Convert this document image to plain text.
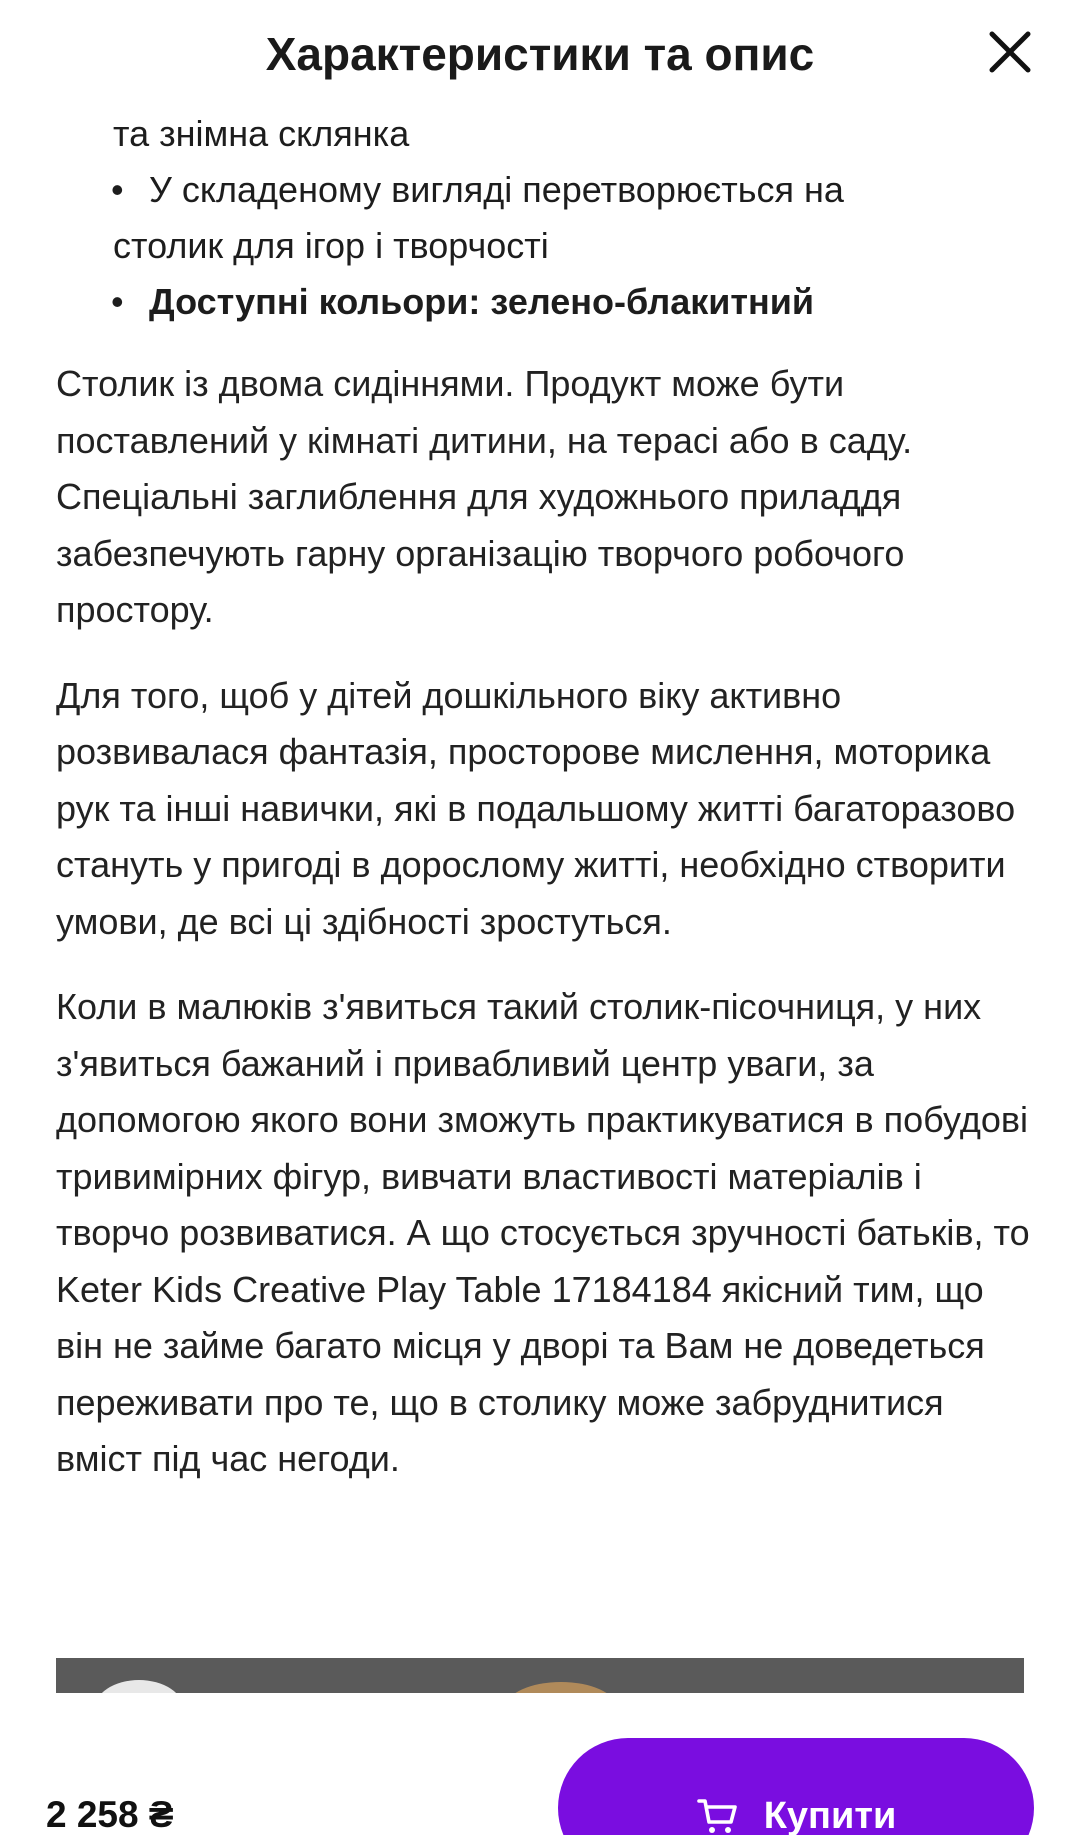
та знімна склянка
• У складеному вигляді перетворюється на
столик для ігор і творчості
• Доступні кольори: зелено-блакитний

Столик із двома сидіннями. Продукт може бути поставлений у кімнаті дитини, на терасі або в саду. Спеціальні заглиблення для художнього приладдя забезпечують гарну організацію творчого робочого простору.

Для того, щоб у дітей дошкільного віку активно розвивалася фантазія, просторове мислення, моторика рук та інші навички, які в подальшому житті багаторазово стануть у пригоді в дорослому житті, необхідно створити умови, де всі ці здібності зростуться.

Коли в малюків з'явиться такий столик-пісочниця, у них з'явиться бажаний і привабливий центр уваги, за допомогою якого вони зможуть практикуватися в побудові тривимірних фігур, вивчати властивості матеріалів і творчо розвиватися. А що стосується зручності батьків, то Keter Kids Creative Play Table 17184184 якісний тим, що він не займе багато місця у дворі та Вам не доведеться переживати про те, що в столику може забруднитися вміст під час негоди.

Характеристики та опис
2 258 ₴	Купити
